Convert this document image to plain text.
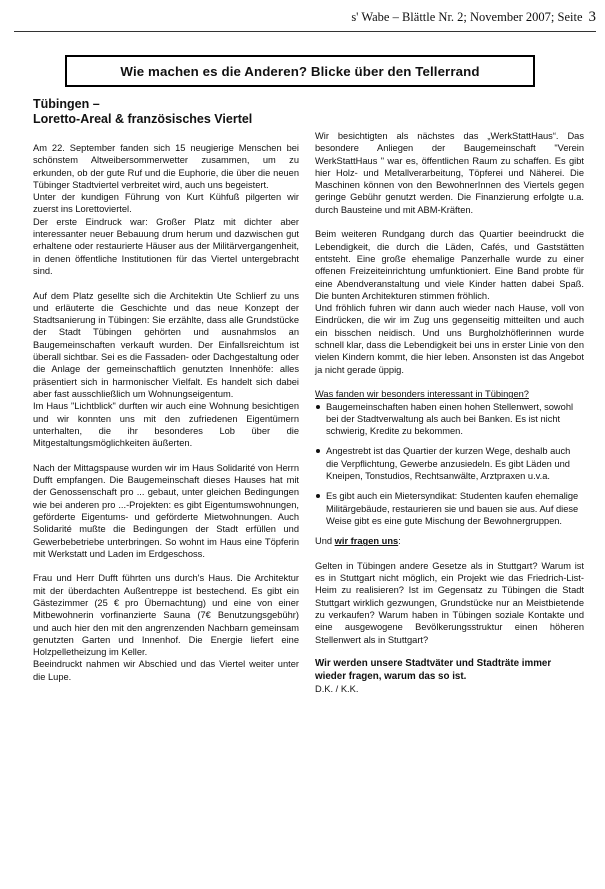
s' Wabe – Blättle Nr. 2; November 2007; Seite 3
Wie machen es die Anderen? Blicke über den Tellerrand
Tübingen –
Loretto-Areal & französisches Viertel

Am 22. September fanden sich 15 neugierige Menschen bei schönstem Altweibersommerwetter zusammen, um zu erkunden, ob der gute Ruf und die Euphorie, die über die neuen Tübinger Stadtviertel verbreitet wird, auch uns begeistert.

Unter der kundigen Führung von Kurt Kühfuß pilgerten wir zuerst ins Lorettoviertel.

Der erste Eindruck war: Großer Platz mit dichter aber interessanter neuer Bebauung drum herum und dazwischen gut erhaltene oder restaurierte Häuser aus der Militärvergangenheit, in denen öffentliche Institutionen für das Viertel untergebracht sind.

Auf dem Platz gesellte sich die Architektin Ute Schlierf zu uns und erläuterte die Geschichte und das neue Konzept der Stadtsanierung in Tübingen: Sie erzählte, dass alle Grundstücke der Stadt Tübingen gehörten und ausnahmslos an Baugemeinschaften verkauft wurden. Der Einfallsreichtum ist überall sichtbar. Sei es die Fassaden- oder Dachgestaltung oder die Anlage der gemeinschaftlich genutzten Innenhöfe: alles präsentiert sich in harmonischer Vielfalt. Es handelt sich dabei aber fast ausschließlich um Wohnungseigentum.

Im Haus "Lichtblick" durften wir auch eine Wohnung besichtigen und wir konnten uns mit den zufriedenen Eigentümern unterhalten, die ihr besonderes Lob über die Mitgestaltungsmöglichkeiten äußerten.

Nach der Mittagspause wurden wir im Haus Solidarité von Herrn Dufft empfangen. Die Baugemeinschaft dieses Hauses hat mit der Genossenschaft pro ... gebaut, unter gleichen Bedingungen wie bei anderen pro ...-Projekten: es gibt Eigentumswohnungen, geförderte Eigentums- und geförderte Mietwohnungen. Auch Solidarité mußte die Bedingungen der Stadt erfüllen und Gewerbebetriebe unterbringen. So wohnt im Haus eine Töpferin mit Werkstatt und Laden im Erdgeschoss.

Frau und Herr Dufft führten uns durch's Haus. Die Architektur mit der überdachten Außentreppe ist bestechend. Es gibt ein Gästezimmer (25 € pro Übernachtung) und eine von einer Mitbewohnerin vorfinanzierte Sauna (7€ Benutzungsgebühr) und auch hier den mit den angrenzenden Nachbarn gemeinsam genutzten Garten und Innenhof. Die Energie liefert eine Holzpelletheizung im Keller.

Beeindruckt nahmen wir Abschied und das Viertel weiter unter die Lupe.

Wir besichtigten als nächstes das „WerkStattHaus“. Das besondere Anliegen der Baugemeinschaft "Verein WerkStattHaus " war es, öffentlichen Raum zu schaffen. Es gibt hier Holz- und Metallverarbeitung, Töpferei und Näherei. Die Maschinen können von den BewohnerInnen des Viertels gegen geringe Gebühr genutzt werden. Die Finanzierung erfolgte u.a. durch Bausteine und mit ABM-Kräften.

Beim weiteren Rundgang durch das Quartier beeindruckt die Lebendigkeit, die durch die Läden, Cafés, und Gaststätten entsteht. Eine große ehemalige Panzerhalle wurde zu einer offenen Freizeiteinrichtung umfunktioniert. Eine Band probte für eine Abendveranstaltung und viele Kinder hatten dabei Spaß. Die bunten Architekturen stimmen fröhlich.

Und fröhlich fuhren wir dann auch wieder nach Hause, voll von Eindrücken, die wir im Zug uns gegenseitig mitteilten und auch ein bisschen neidisch. Und uns Burgholzhöflerinnen wurde schnell klar, dass die Lebendigkeit bei uns in erster Linie von den vielen Kindern kommt, die hier leben. Ansonsten ist das Angebot ja nicht gerade üppig.

Was fanden wir besonders interessant in Tübingen?

Baugemeinschaften haben einen hohen Stellenwert, sowohl bei der Stadtverwaltung als auch bei Banken. Es ist nicht schwierig, Kredite zu bekommen.
Angestrebt ist das Quartier der kurzen Wege, deshalb auch die Verpflichtung, Gewerbe anzusiedeln. Es gibt Läden und Kneipen, Tonstudios, Rechtsanwälte, Arztpraxen u.v.a.
Es gibt auch ein Mietersyndikat: Studenten kaufen ehemalige Militärgebäude, restaurieren sie und bauen sie aus. Auf diese Weise gibt es eine gute Mischung der Bewohnergruppen.

Und wir fragen uns:

Gelten in Tübingen andere Gesetze als in Stuttgart? Warum ist es in Stuttgart nicht möglich, ein Projekt wie das Friedrich-List-Heim zu realisieren? Ist im Gegensatz zu Tübingen die Stadt Stuttgart wirklich gezwungen, Grundstücke nur an Meistbietende zu verkaufen? Warum haben in Tübingen soziale Kontakte und eine ausgewogene Bevölkerungsstruktur einen höheren Stellenwert als in Stuttgart?

Wir werden unsere Stadtväter und Stadträte immer wieder fragen, warum das so ist.

D.K. / K.K.
